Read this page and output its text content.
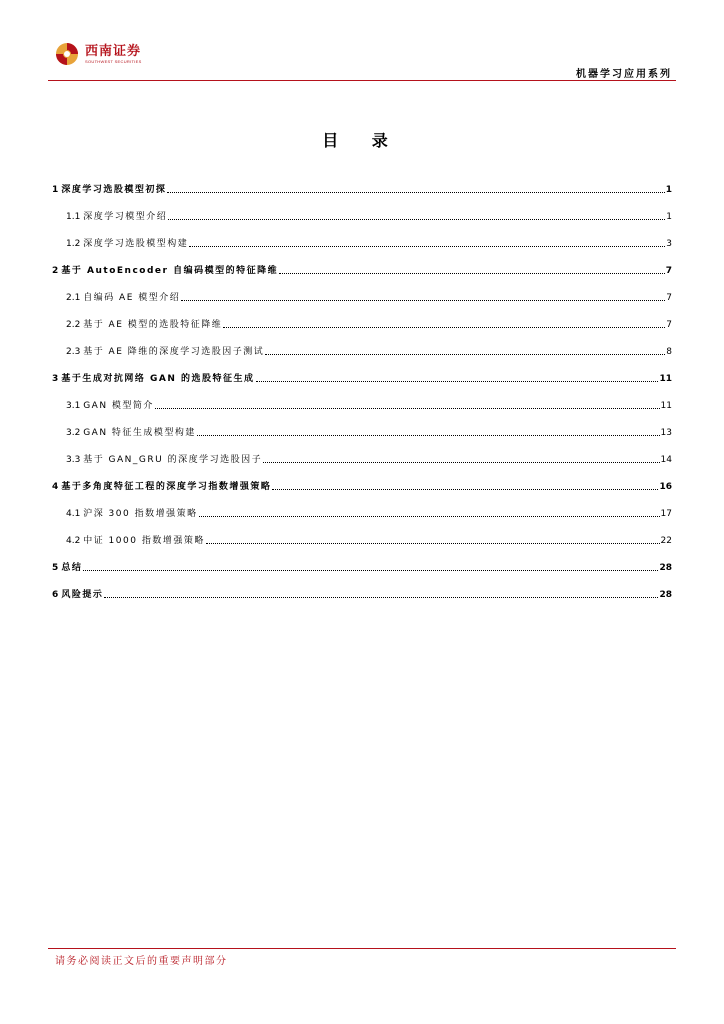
西南证券
SOUTHWEST SECURITIES
机器学习应用系列
目 录
1 深度学习选股模型初探	1
1.1 深度学习模型介绍	1
1.2 深度学习选股模型构建	3
2 基于 AutoEncoder 自编码模型的特征降维	7
2.1 自编码 AE 模型介绍	7
2.2 基于 AE 模型的选股特征降维	7
2.3 基于 AE 降维的深度学习选股因子测试	8
3 基于生成对抗网络 GAN 的选股特征生成	11
3.1 GAN 模型简介	11
3.2 GAN 特征生成模型构建	13
3.3 基于 GAN_GRU 的深度学习选股因子	14
4 基于多角度特征工程的深度学习指数增强策略	16
4.1 沪深 300 指数增强策略	17
4.2 中证 1000 指数增强策略	22
5 总结	28
6 风险提示	28
请务必阅读正文后的重要声明部分
